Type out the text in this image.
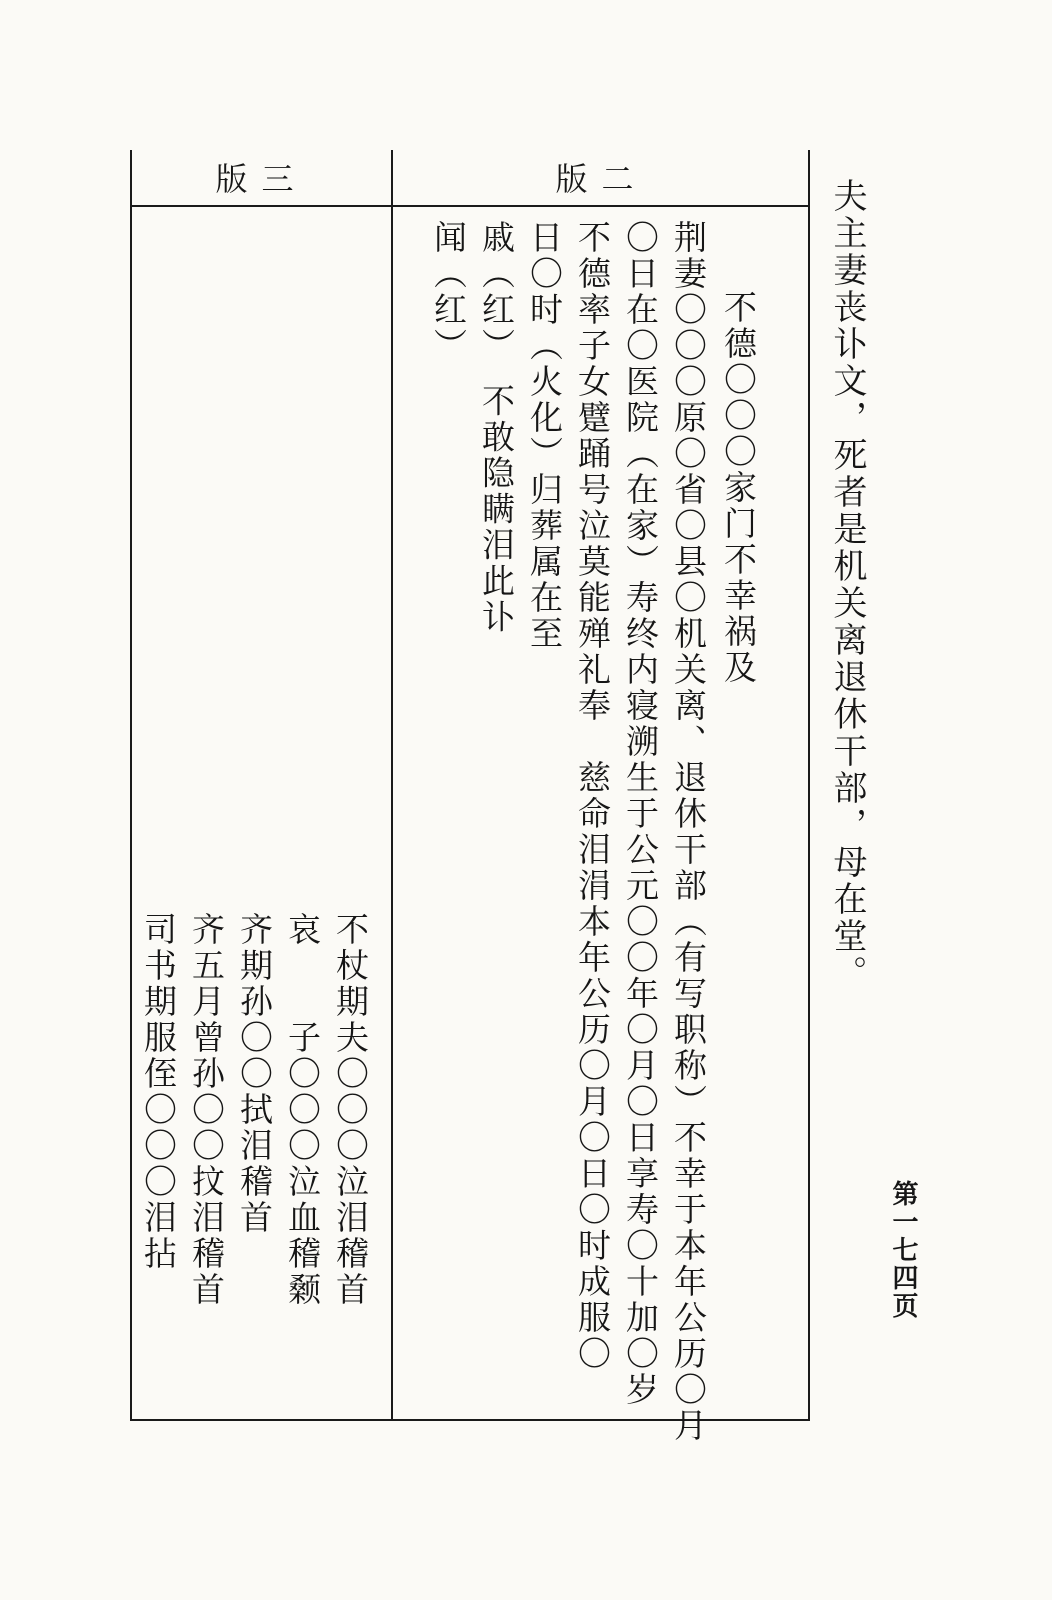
夫主妻丧讣文，死者是机关离退休干部，母在堂。
第一七四页
版三	版二
不德〇〇〇家门不幸祸及
荆妻〇〇〇原〇省〇县〇机关离、退休干部（有写职称）不幸于本年公历〇月
〇日在〇医院（在家）寿终内寝溯生于公元〇〇年〇月〇日享寿〇十加〇岁
不德率子女躄踊号泣莫能殚礼奉　慈命泪涓本年公历〇月〇日〇时成服〇
日〇时（火化）归葬属在至
戚（红）　不敢隐瞒泪此讣
闻（红）
不杖期夫〇〇〇泣泪稽首
哀　　子〇〇〇泣血稽颡
齐期孙〇〇拭泪稽首
齐五月曾孙〇〇抆泪稽首
司书期服侄〇〇〇泪拈
